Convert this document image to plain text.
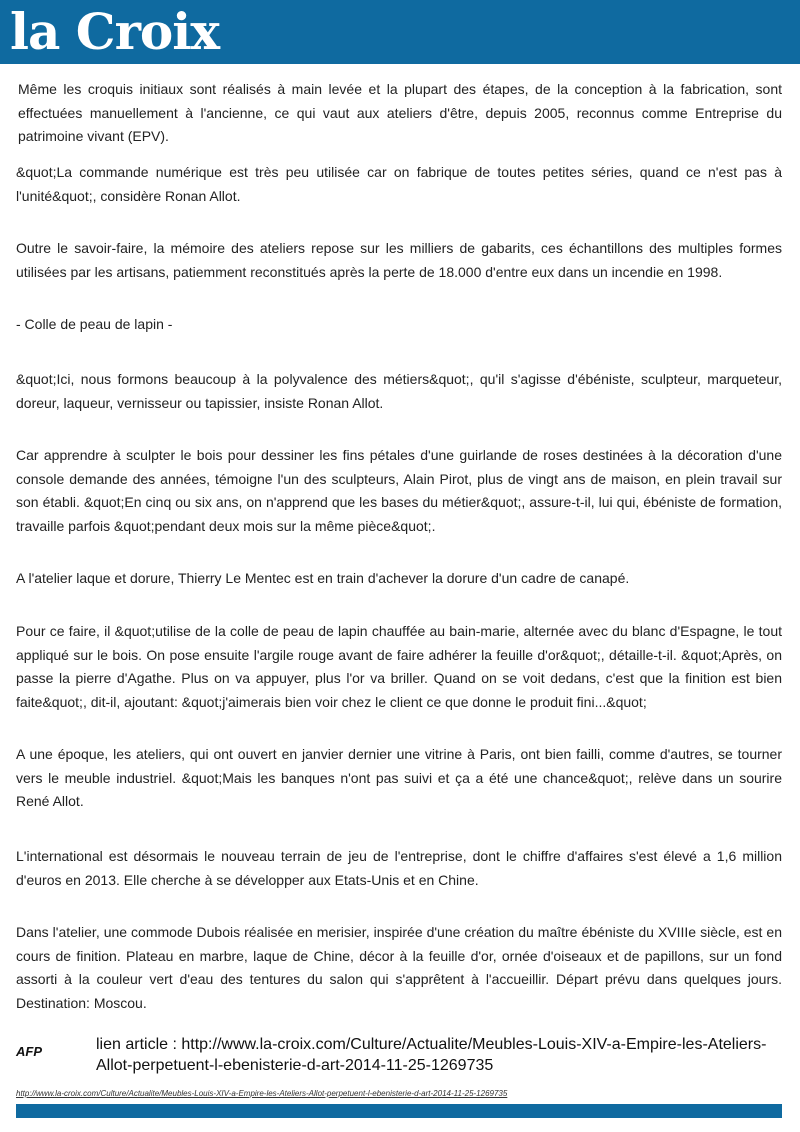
la Croix

Même les croquis initiaux sont réalisés à main levée et la plupart des étapes, de la conception à la fabrication, sont effectuées manuellement à l'ancienne, ce qui vaut aux ateliers d'être, depuis 2005, reconnus comme Entreprise du patrimoine vivant (EPV).

&quot;La commande numérique est très peu utilisée car on fabrique de toutes petites séries, quand ce n'est pas à l'unité&quot;, considère Ronan Allot.

Outre le savoir-faire, la mémoire des ateliers repose sur les milliers de gabarits, ces échantillons des multiples formes utilisées par les artisans, patiemment reconstitués après la perte de 18.000 d'entre eux dans un incendie en 1998.

- Colle de peau de lapin -

&quot;Ici, nous formons beaucoup à la polyvalence des métiers&quot;, qu'il s'agisse d'ébéniste, sculpteur, marqueteur, doreur, laqueur, vernisseur ou tapissier, insiste Ronan Allot.

Car apprendre à sculpter le bois pour dessiner les fins pétales d'une guirlande de roses destinées à la décoration d'une console demande des années, témoigne l'un des sculpteurs, Alain Pirot, plus de vingt ans de maison, en plein travail sur son établi. &quot;En cinq ou six ans, on n'apprend que les bases du métier&quot;, assure-t-il, lui qui, ébéniste de formation, travaille parfois &quot;pendant deux mois sur la même pièce&quot;.

A l'atelier laque et dorure, Thierry Le Mentec est en train d'achever la dorure d'un cadre de canapé.

Pour ce faire, il &quot;utilise de la colle de peau de lapin chauffée au bain-marie, alternée avec du blanc d'Espagne, le tout appliqué sur le bois. On pose ensuite l'argile rouge avant de faire adhérer la feuille d'or&quot;, détaille-t-il. &quot;Après, on passe la pierre d'Agathe. Plus on va appuyer, plus l'or va briller. Quand on se voit dedans, c'est que la finition est bien faite&quot;, dit-il, ajoutant: &quot;j'aimerais bien voir chez le client ce que donne le produit fini...&quot;

A une époque, les ateliers, qui ont ouvert en janvier dernier une vitrine à Paris, ont bien failli, comme d'autres, se tourner vers le meuble industriel. &quot;Mais les banques n'ont pas suivi et ça a été une chance&quot;, relève dans un sourire René Allot.

L'international est désormais le nouveau terrain de jeu de l'entreprise, dont le chiffre d'affaires s'est élevé a 1,6 million d'euros en 2013. Elle cherche à se développer aux Etats-Unis et en Chine.

Dans l'atelier, une commode Dubois réalisée en merisier, inspirée d'une création du maître ébéniste du XVIIIe siècle, est en cours de finition. Plateau en marbre, laque de Chine, décor à la feuille d'or, ornée d'oiseaux et de papillons, sur un fond assorti à la couleur vert d'eau des tentures du salon qui s'apprêtent à l'accueillir. Départ prévu dans quelques jours. Destination: Moscou.

AFP	lien article : http://www.la-croix.com/Culture/Actualite/Meubles-Louis-XIV-a-Empire-les-Ateliers-Allot-perpetuent-l-ebenisterie-d-art-2014-11-25-1269735
http://www.la-croix.com/Culture/Actualite/Meubles-Louis-XIV-a-Empire-les-Ateliers-Allot-perpetuent-l-ebenisterie-d-art-2014-11-25-1269735
